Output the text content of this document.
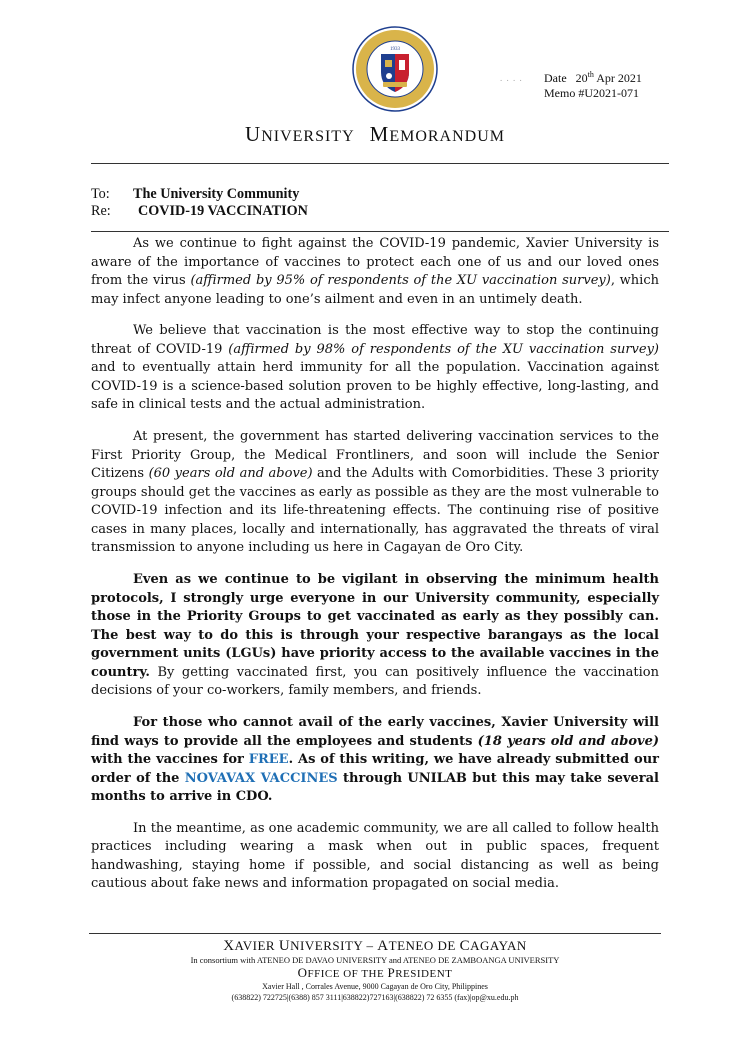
1933
. . . . Date 20th Apr 2021
Memo #U2021-071
UNIVERSITY MEMORANDUM
To:	The University Community
Re:	COVID-19 VACCINATION

As we continue to fight against the COVID-19 pandemic, Xavier University is aware of the importance of vaccines to protect each one of us and our loved ones from the virus (affirmed by 95% of respondents of the XU vaccination survey), which may infect anyone leading to one’s ailment and even in an untimely death.

We believe that vaccination is the most effective way to stop the continuing threat of COVID-19 (affirmed by 98% of respondents of the XU vaccination survey) and to eventually attain herd immunity for all the population. Vaccination against COVID-19 is a science-based solution proven to be highly effective, long-lasting, and safe in clinical tests and the actual administration.

At present, the government has started delivering vaccination services to the First Priority Group, the Medical Frontliners, and soon will include the Senior Citizens (60 years old and above) and the Adults with Comorbidities. These 3 priority groups should get the vaccines as early as possible as they are the most vulnerable to COVID-19 infection and its life-threatening effects. The continuing rise of positive cases in many places, locally and internationally, has aggravated the threats of viral transmission to anyone including us here in Cagayan de Oro City.

Even as we continue to be vigilant in observing the minimum health protocols, I strongly urge everyone in our University community, especially those in the Priority Groups to get vaccinated as early as they possibly can. The best way to do this is through your respective barangays as the local government units (LGUs) have priority access to the available vaccines in the country. By getting vaccinated first, you can positively influence the vaccination decisions of your co-workers, family members, and friends.

For those who cannot avail of the early vaccines, Xavier University will find ways to provide all the employees and students (18 years old and above) with the vaccines for FREE. As of this writing, we have already submitted our order of the NOVAVAX VACCINES through UNILAB but this may take several months to arrive in CDO.

In the meantime, as one academic community, we are all called to follow health practices including wearing a mask when out in public spaces, frequent handwashing, staying home if possible, and social distancing as well as being cautious about fake news and information propagated on social media.

XAVIER UNIVERSITY – ATENEO DE CAGAYAN
In consortium with ATENEO DE DAVAO UNIVERSITY and ATENEO DE ZAMBOANGA UNIVERSITY
OFFICE OF THE PRESIDENT
Xavier Hall , Corrales Avenue, 9000 Cagayan de Oro City, Philippines
(638822) 722725|(6388) 857 3111|638822)727163|(638822) 72 6355 (fax)|op@xu.edu.ph
